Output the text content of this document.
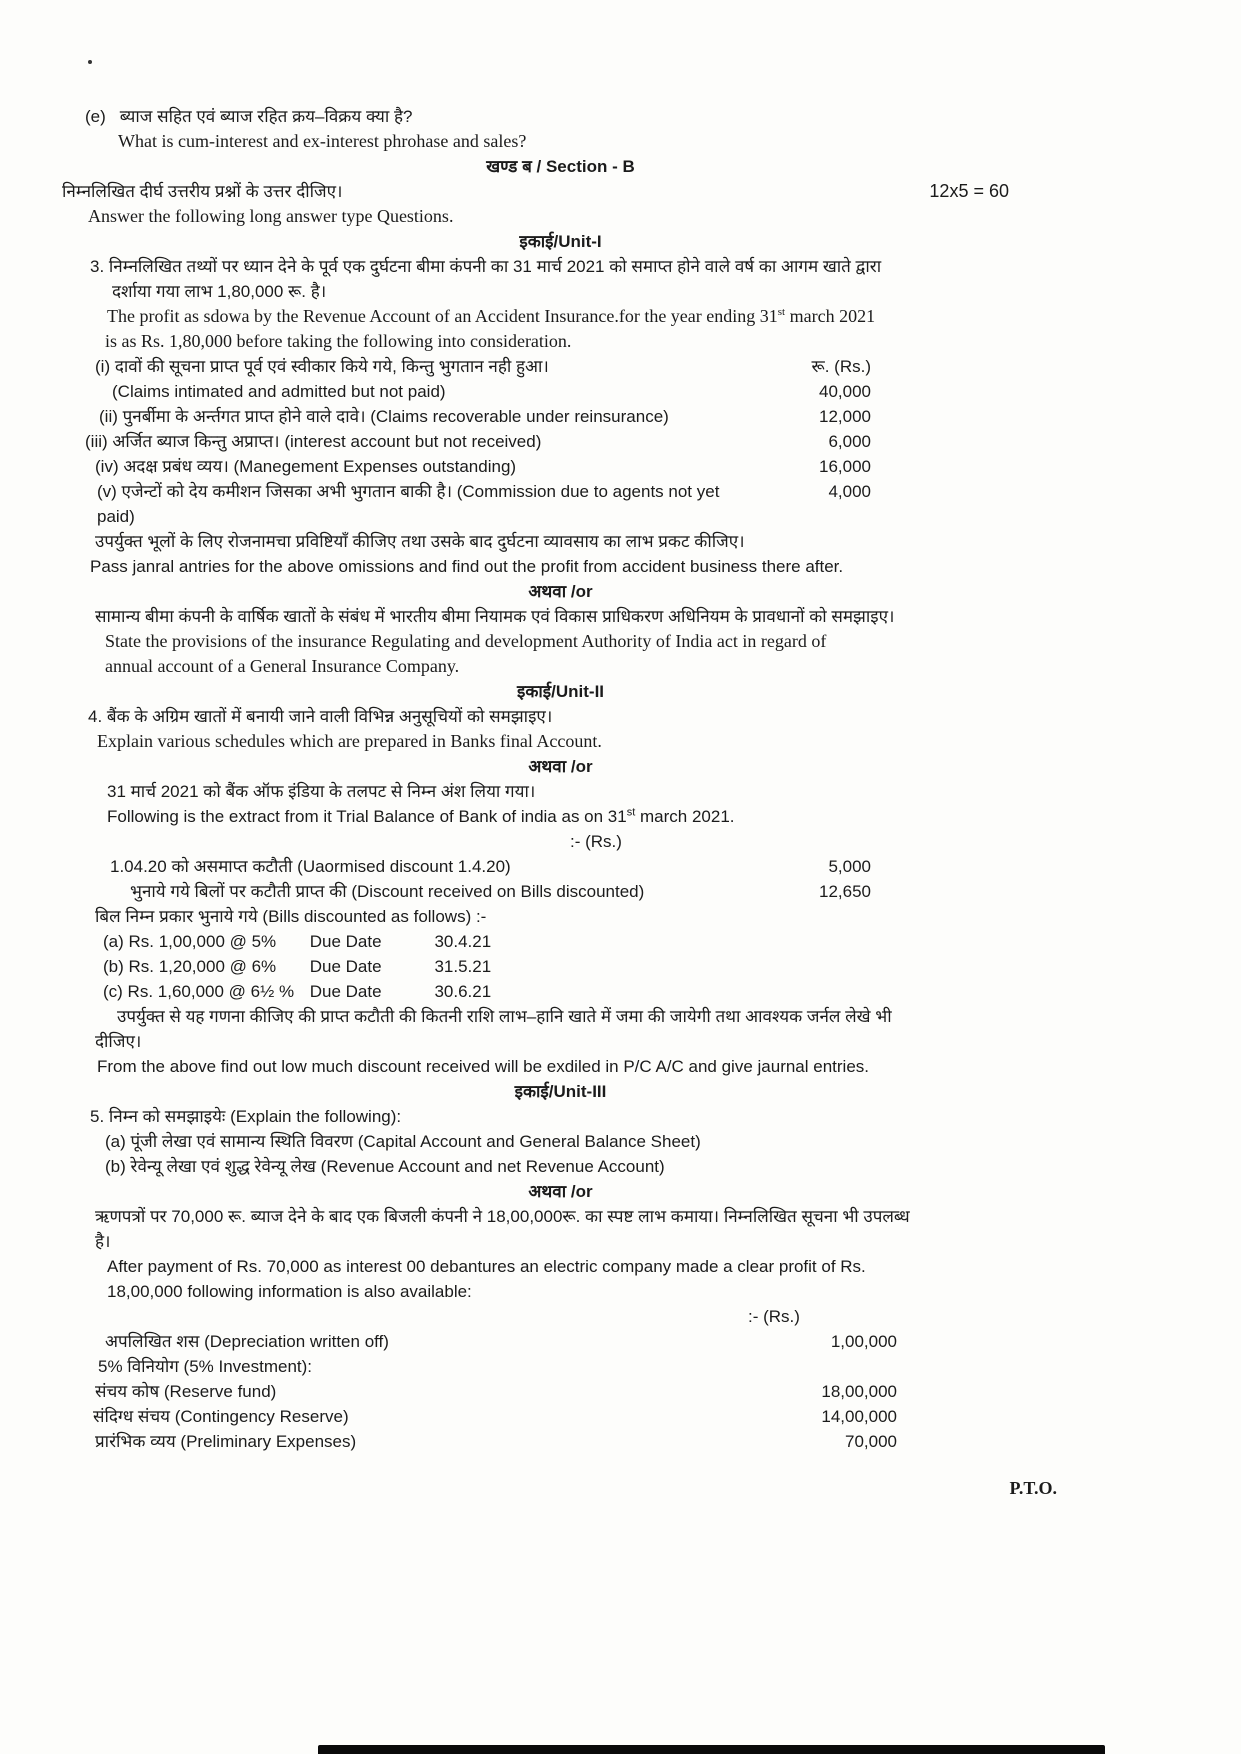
(e) ब्याज सहित एवं ब्याज रहित क्रय–विक्रय क्या है?
What is cum-interest and ex-interest phrohase and sales?
खण्ड ब / Section - B
निम्नलिखित दीर्घ उत्तरीय प्रश्नों के उत्तर दीजिए।	12x5 = 60
Answer the following long answer type Questions.
इकाई/Unit-I
3. निम्नलिखित तथ्यों पर ध्यान देने के पूर्व एक दुर्घटना बीमा कंपनी का 31 मार्च 2021 को समाप्त होने वाले वर्ष का आगम खाते द्वारा
दर्शाया गया लाभ 1,80,000 रू. है।
The profit as sdowa by the Revenue Account of an Accident Insurance.for the year ending 31st march 2021
is as Rs. 1,80,000 before taking the following into consideration.
(i) दावों की सूचना प्राप्त पूर्व एवं स्वीकार किये गये, किन्तु भुगतान नही हुआ।	रू. (Rs.)
(Claims intimated and admitted but not paid)	40,000
(ii) पुनर्बीमा के अर्न्तगत प्राप्त होने वाले दावे। (Claims recoverable under reinsurance)	12,000
(iii) अर्जित ब्याज किन्तु अप्राप्त। (interest account but not received)	6,000
(iv) अदक्ष प्रबंध व्यय। (Manegement Expenses outstanding)	16,000
(v) एजेन्टों को देय कमीशन जिसका अभी भुगतान बाकी है। (Commission due to agents not yet paid)
4,000
उपर्युक्त भूलों के लिए रोजनामचा प्रविष्टियाँ कीजिए तथा उसके बाद दुर्घटना व्यावसाय का लाभ प्रकट कीजिए।
Pass janral antries for the above omissions and find out the profit from accident business there after.
अथवा /or
सामान्य बीमा कंपनी के वार्षिक खातों के संबंध में भारतीय बीमा नियामक एवं विकास प्राधिकरण अधिनियम के प्रावधानों को समझाइए।
State the provisions of the insurance Regulating and development Authority of India act in regard of
annual account of a General Insurance Company.
इकाई/Unit-II
4. बैंक के अग्रिम खातों में बनायी जाने वाली विभिन्न अनुसूचियों को समझाइए।
Explain various schedules which are prepared in Banks final Account.
अथवा /or
31 मार्च 2021 को बैंक ऑफ इंडिया के तलपट से निम्न अंश लिया गया।
Following is the extract from it Trial Balance of Bank of india as on 31st march 2021.
:- (Rs.)
1.04.20 को असमाप्त कटौती (Uaormised discount 1.4.20)	5,000
भुनाये गये बिलों पर कटौती प्राप्त की (Discount received on Bills discounted)	12,650
बिल निम्न प्रकार भुनाये गये (Bills discounted as follows) :-
(a) Rs. 1,00,000 @ 5% Due Date	30.4.21
(b) Rs. 1,20,000 @ 6% Due Date	31.5.21
(c) Rs. 1,60,000 @ 6½ % Due Date	30.6.21
उपर्युक्त से यह गणना कीजिए की प्राप्त कटौती की कितनी राशि लाभ–हानि खाते में जमा की जायेगी तथा आवश्यक जर्नल लेखे भी
दीजिए।
From the above find out low much discount received will be exdiled in P/C A/C and give jaurnal entries.
इकाई/Unit-III
5. निम्न को समझाइयेः (Explain the following):
(a) पूंजी लेखा एवं सामान्य स्थिति विवरण (Capital Account and General Balance Sheet)
(b) रेवेन्यू लेखा एवं शुद्ध रेवेन्यू लेख (Revenue Account and net Revenue Account)
अथवा /or
ऋणपत्रों पर 70,000 रू. ब्याज देने के बाद एक बिजली कंपनी ने 18,00,000रू. का स्पष्ट लाभ कमाया। निम्नलिखित सूचना भी उपलब्ध
है।
After payment of Rs. 70,000 as interest 00 debantures an electric company made a clear profit of Rs.
18,00,000 following information is also available:
:- (Rs.)
अपलिखित शस (Depreciation written off)	1,00,000
5% विनियोग (5% Investment):
संचय कोष (Reserve fund)	18,00,000
संदिग्ध संचय (Contingency Reserve)	14,00,000
प्रारंभिक व्यय (Preliminary Expenses)	70,000
P.T.O.
